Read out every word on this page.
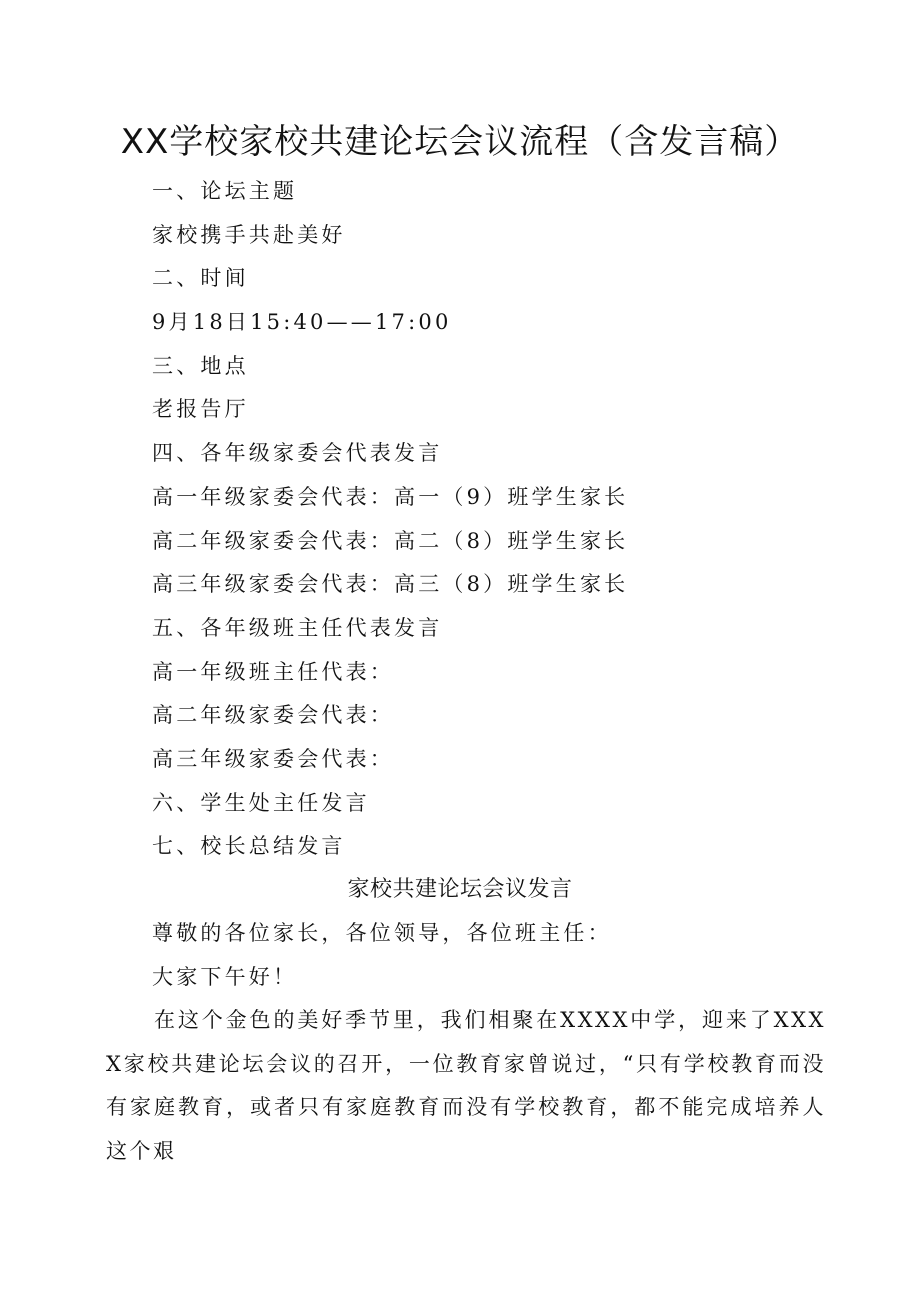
XX学校家校共建论坛会议流程（含发言稿）
一、论坛主题
家校携手共赴美好
二、时间
9月18日15:40——17:00
三、地点
老报告厅
四、各年级家委会代表发言
高一年级家委会代表：高一（9）班学生家长
高二年级家委会代表：高二（8）班学生家长
高三年级家委会代表：高三（8）班学生家长
五、各年级班主任代表发言
高一年级班主任代表：
高二年级家委会代表：
高三年级家委会代表：
六、学生处主任发言
七、校长总结发言
家校共建论坛会议发言
尊敬的各位家长，各位领导，各位班主任：
大家下午好！
在这个金色的美好季节里，我们相聚在XXXX中学，迎来了XXXX家校共建论坛会议的召开，一位教育家曾说过，“只有学校教育而没有家庭教育，或者只有家庭教育而没有学校教育，都不能完成培养人这个艰
